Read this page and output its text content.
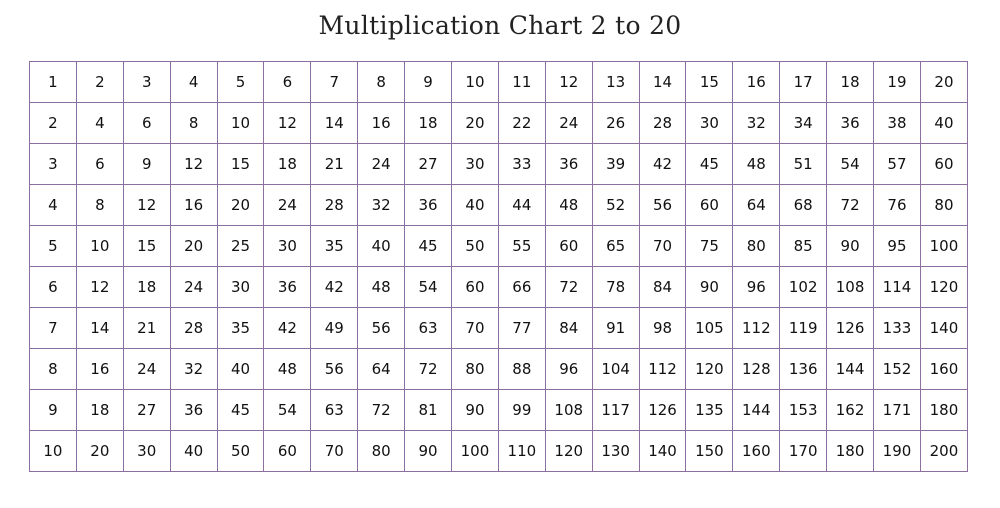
Multiplication Chart 2 to 20
1	2	3	4	5	6	7	8	9	10	11	12	13	14	15	16	17	18	19	20
2	4	6	8	10	12	14	16	18	20	22	24	26	28	30	32	34	36	38	40
3	6	9	12	15	18	21	24	27	30	33	36	39	42	45	48	51	54	57	60
4	8	12	16	20	24	28	32	36	40	44	48	52	56	60	64	68	72	76	80
5	10	15	20	25	30	35	40	45	50	55	60	65	70	75	80	85	90	95	100
6	12	18	24	30	36	42	48	54	60	66	72	78	84	90	96	102	108	114	120
7	14	21	28	35	42	49	56	63	70	77	84	91	98	105	112	119	126	133	140
8	16	24	32	40	48	56	64	72	80	88	96	104	112	120	128	136	144	152	160
9	18	27	36	45	54	63	72	81	90	99	108	117	126	135	144	153	162	171	180
10	20	30	40	50	60	70	80	90	100	110	120	130	140	150	160	170	180	190	200
